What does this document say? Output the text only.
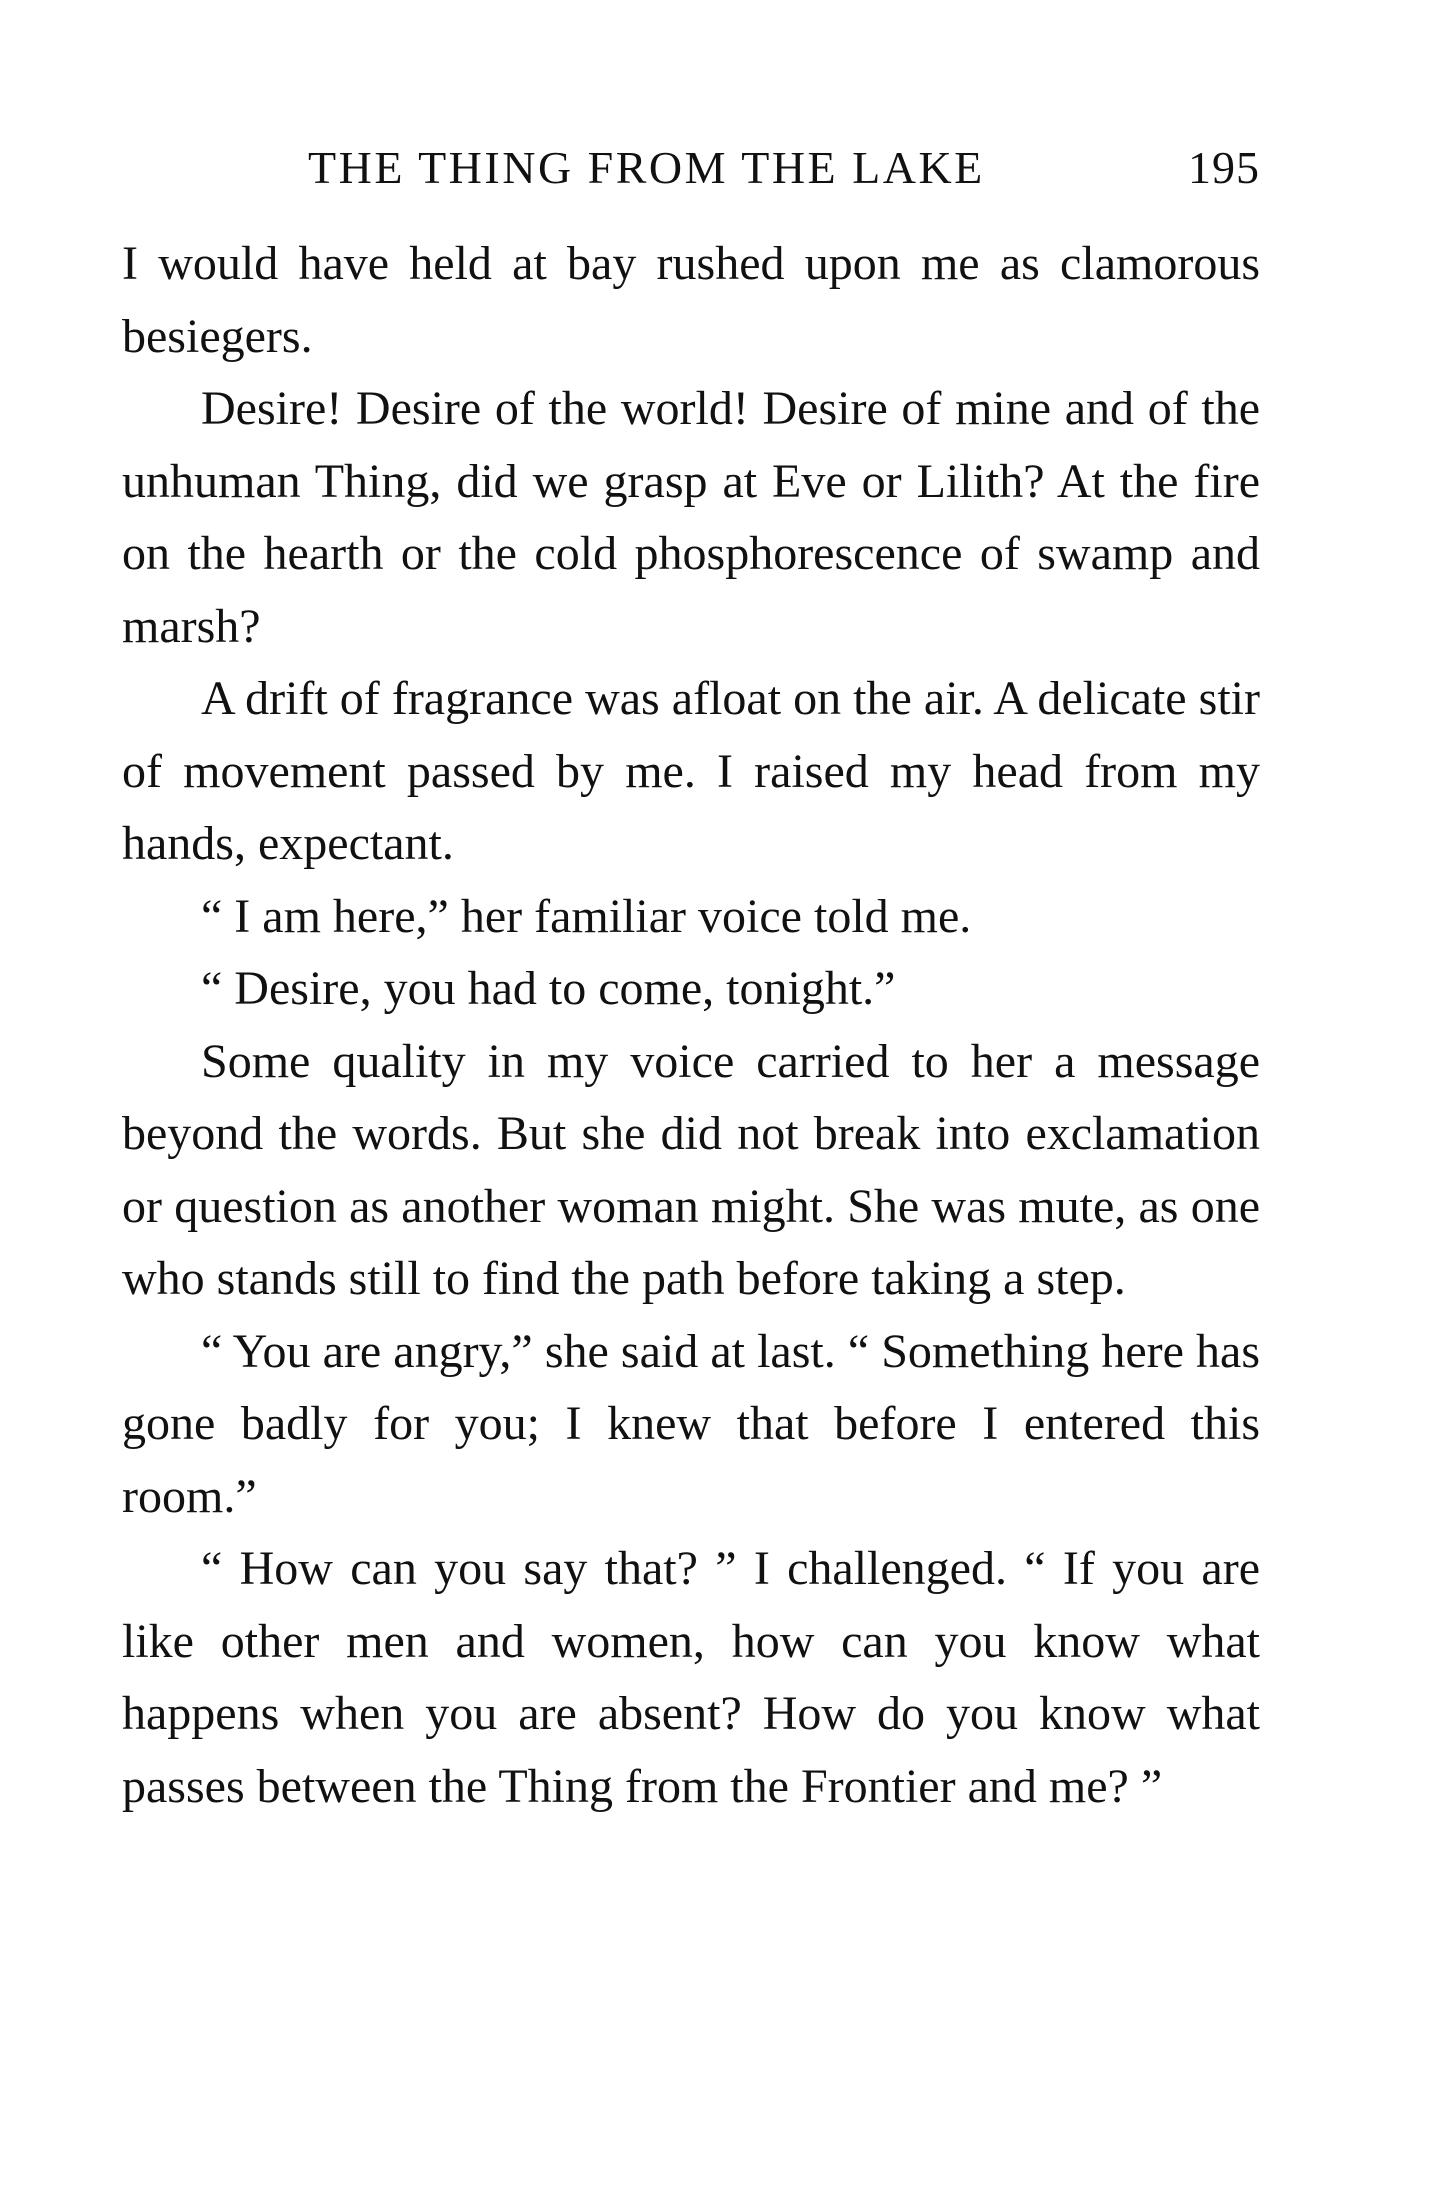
THE THING FROM THE LAKE	195

I would have held at bay rushed upon me as clamorous besiegers.

Desire! Desire of the world! Desire of mine and of the unhuman Thing, did we grasp at Eve or Lilith? At the fire on the hearth or the cold phosphorescence of swamp and marsh?

A drift of fragrance was afloat on the air. A delicate stir of movement passed by me. I raised my head from my hands, expectant.

“ I am here,” her familiar voice told me.

“ Desire, you had to come, tonight.”

Some quality in my voice carried to her a message beyond the words. But she did not break into exclamation or question as another woman might. She was mute, as one who stands still to find the path before taking a step.

“ You are angry,” she said at last. “ Something here has gone badly for you; I knew that before I entered this room.”

“ How can you say that? ” I challenged. “ If you are like other men and women, how can you know what happens when you are absent? How do you know what passes between the Thing from the Frontier and me? ”
